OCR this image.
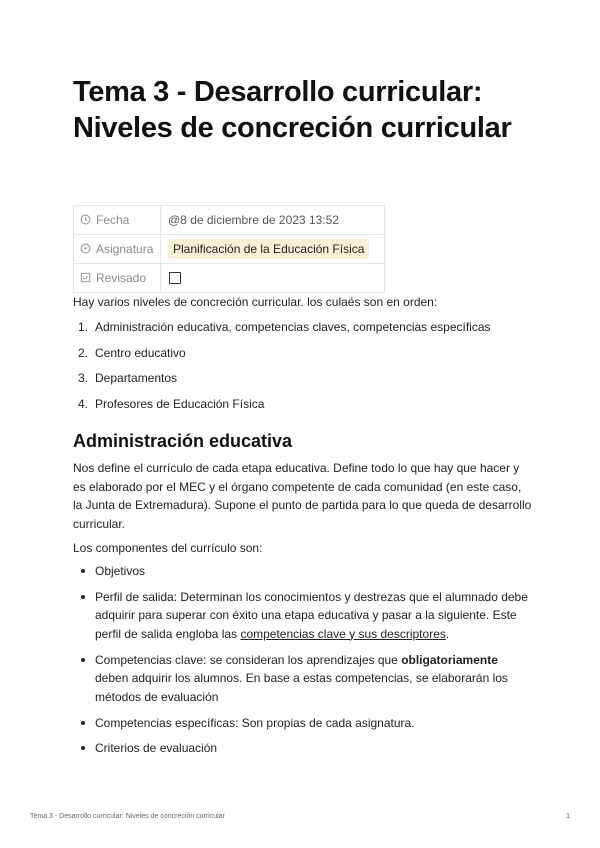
Tema 3 - Desarrollo curricular: Niveles de concreción curricular
Fecha	@8 de diciembre de 2023 13:52
Asignatura	Planificación de la Educación Física
Revisado	

Hay varios niveles de concreción curricular. los culaés son en orden:

1. Administración educativa, competencias claves, competencias específicas
2. Centro educativo
3. Departamentos
4. Profesores de Educación Física
Administración educativa

Nos define el currículo de cada etapa educativa. Define todo lo que hay que hacer y es elaborado por el MEC y el órgano competente de cada comunidad (en este caso, la Junta de Extremadura). Supone el punto de partida para lo que queda de desarrollo curricular.

Los componentes del currículo son:

Objetivos
Perfil de salida: Determinan los conocimientos y destrezas que el alumnado debe adquirir para superar con éxito una etapa educativa y pasar a la siguiente. Este perfil de salida engloba las competencias clave y sus descriptores.
Competencias clave: se consideran los aprendizajes que obligatoriamente deben adquirir los alumnos. En base a estas competencias, se elaborarán los métodos de evaluación
Competencias específicas: Son propias de cada asignatura.
Criterios de evaluación
Tema 3 - Desarrollo curricular: Niveles de concreción curricular	1
